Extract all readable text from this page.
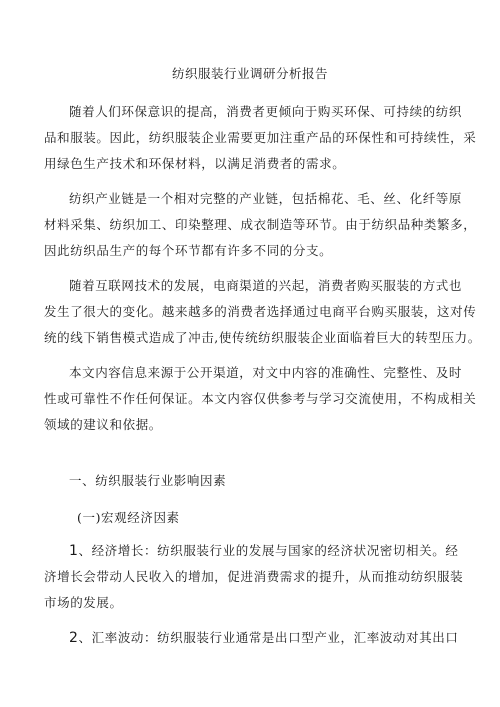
纺织服装行业调研分析报告

随着人们环保意识的提高，消费者更倾向于购买环保、可持续的纺织
品和服装。因此，纺织服装企业需要更加注重产品的环保性和可持续性，采
用绿色生产技术和环保材料，以满足消费者的需求。

纺织产业链是一个相对完整的产业链，包括棉花、毛、丝、化纤等原
材料采集、纺织加工、印染整理、成衣制造等环节。由于纺织品种类繁多，
因此纺织品生产的每个环节都有许多不同的分支。

随着互联网技术的发展，电商渠道的兴起，消费者购买服装的方式也
发生了很大的变化。越来越多的消费者选择通过电商平台购买服装，这对传
统的线下销售模式造成了冲击,使传统纺织服装企业面临着巨大的转型压力。

本文内容信息来源于公开渠道，对文中内容的准确性、完整性、及时
性或可靠性不作任何保证。本文内容仅供参考与学习交流使用，不构成相关
领域的建议和依据。

一、纺织服装行业影响因素
(一)宏观经济因素

1、经济增长：纺织服装行业的发展与国家的经济状况密切相关。经
济增长会带动人民收入的增加，促进消费需求的提升，从而推动纺织服装
市场的发展。

2、汇率波动：纺织服装行业通常是出口型产业，汇率波动对其出口
